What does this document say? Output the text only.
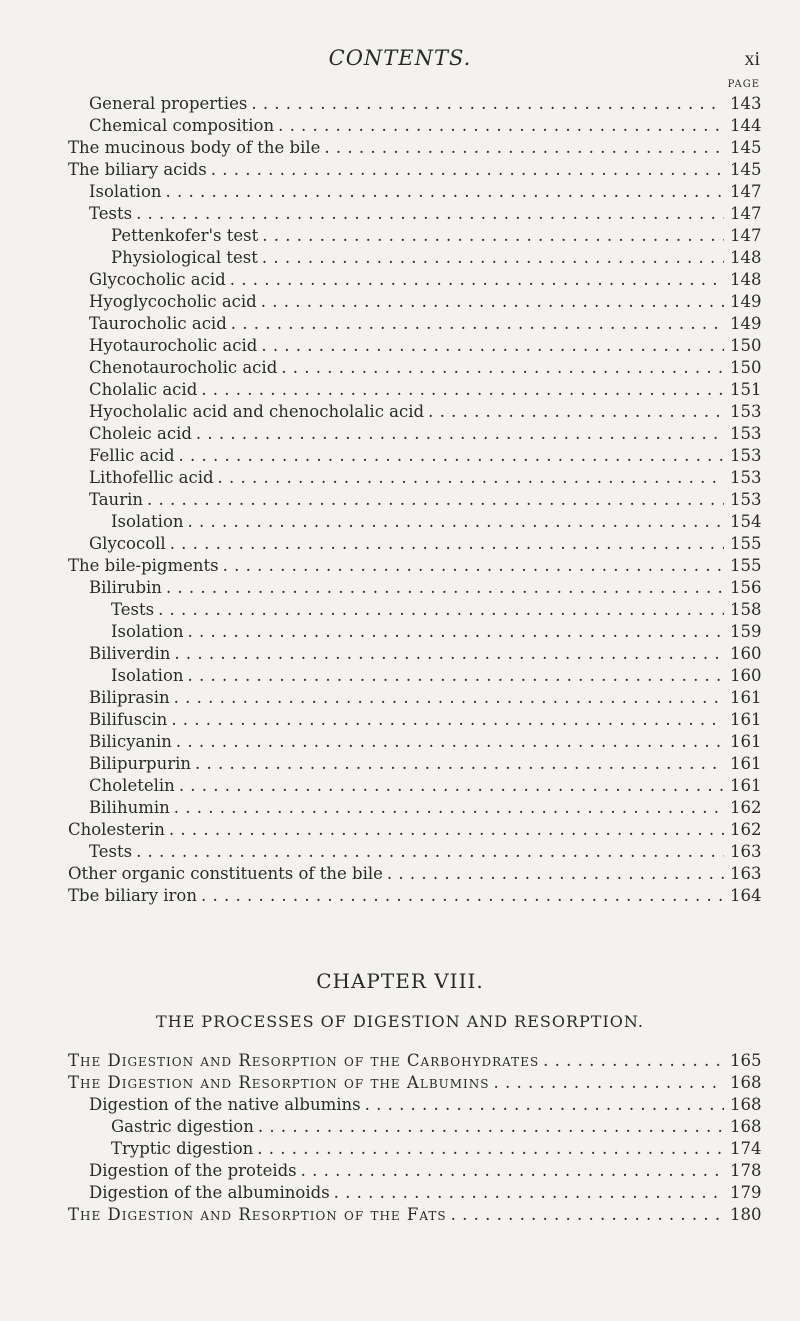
CONTENTS.	xi
PAGE
General properties . . .	143
Chemical composition . . .	144
The mucinous body of the bile . . .	145
The biliary acids . . .	145
Isolation . . .	147
Tests . . .	147
Pettenkofer's test . . .	147
Physiological test . . .	148
Glycocholic acid . . .	148
Hyoglycocholic acid . . .	149
Taurocholic acid . . .	149
Hyotaurocholic acid . . .	150
Chenotaurocholic acid . . .	150
Cholalic acid . . .	151
Hyocholalic acid and chenocholalic acid . . .	153
Choleic acid . . .	153
Fellic acid . . .	153
Lithofellic acid . . .	153
Taurin . . .	153
Isolation . . .	154
Glycocoll . . .	155
The bile-pigments . . .	155
Bilirubin . . .	156
Tests . . .	158
Isolation . . .	159
Biliverdin . . .	160
Isolation . . .	160
Biliprasin . . .	161
Bilifuscin . . .	161
Bilicyanin . . .	161
Bilipurpurin . . .	161
Choletelin . . .	161
Bilihumin . . .	162
Cholesterin . . .	162
Tests . . .	163
Other organic constituents of the bile . . .	163
Tbe biliary iron . . .	164
CHAPTER VIII.
THE PROCESSES OF DIGESTION AND RESORPTION.
The Digestion and Resorption of the Carbohydrates . . .	165
The Digestion and Resorption of the Albumins . . .	168
Digestion of the native albumins . . .	168
Gastric digestion . . .	168
Tryptic digestion . . .	174
Digestion of the proteids . . .	178
Digestion of the albuminoids . . .	179
The Digestion and Resorption of the Fats . . .	180
